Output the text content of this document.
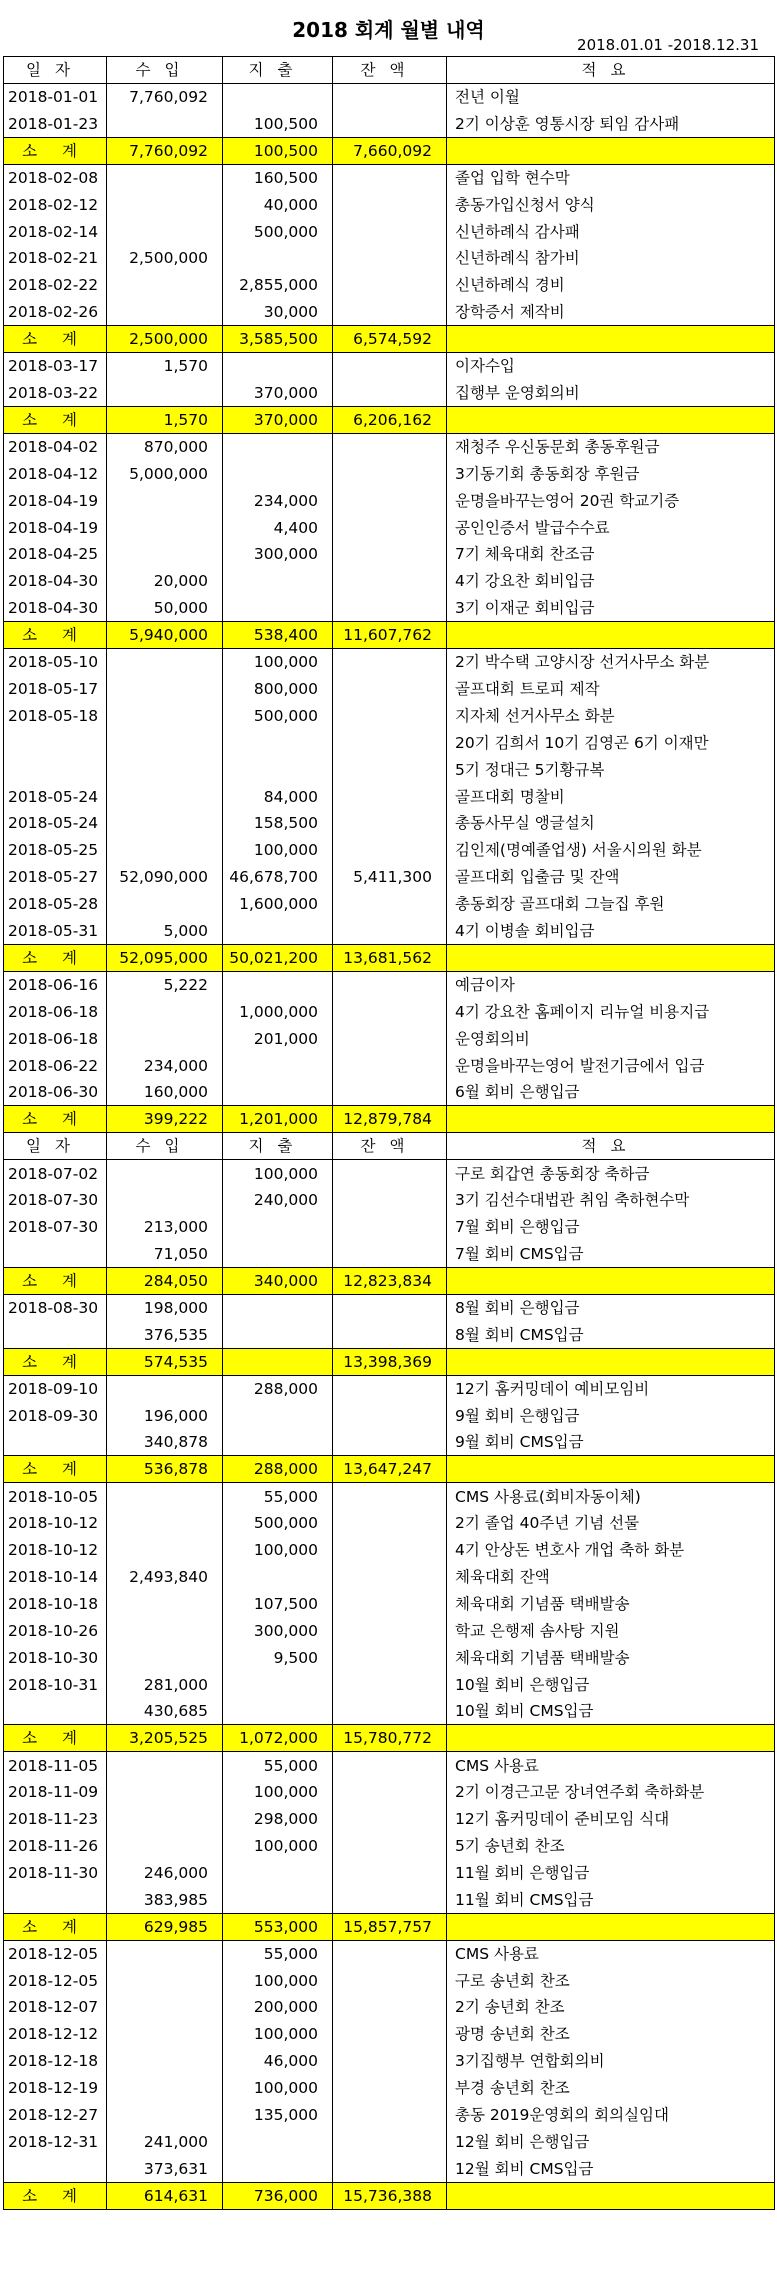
2018 회계 월별 내역
2018.01.01 -2018.12.31
일자	수입	지출	잔액	적요
2018-01-01	7,760,092			전년 이월
2018-01-23		100,500		2기 이상훈 영통시장 퇴임 감사패
소 계	7,760,092	100,500	7,660,092	
2018-02-08		160,500		졸업 입학 현수막
2018-02-12		40,000		총동가입신청서 양식
2018-02-14		500,000		신년하례식 감사패
2018-02-21	2,500,000			신년하례식 참가비
2018-02-22		2,855,000		신년하례식 경비
2018-02-26		30,000		장학증서 제작비
소 계	2,500,000	3,585,500	6,574,592	
2018-03-17	1,570			이자수입
2018-03-22		370,000		집행부 운영회의비
소 계	1,570	370,000	6,206,162	
2018-04-02	870,000			재청주 우신동문회 총동후원금
2018-04-12	5,000,000			3기동기회 총동회장 후원금
2018-04-19		234,000		운명을바꾸는영어 20권 학교기증
2018-04-19		4,400		공인인증서 발급수수료
2018-04-25		300,000		7기 체육대회 찬조금
2018-04-30	20,000			4기 강요찬 회비입금
2018-04-30	50,000			3기 이재군 회비입금
소 계	5,940,000	538,400	11,607,762	
2018-05-10		100,000		2기 박수택 고양시장 선거사무소 화분
2018-05-17		800,000		골프대회 트로피 제작
2018-05-18		500,000		지자체 선거사무소 화분
				20기 김희서 10기 김영곤 6기 이재만
				5기 정대근 5기황규복
2018-05-24		84,000		골프대회 명찰비
2018-05-24		158,500		총동사무실 앵글설치
2018-05-25		100,000		김인제(명예졸업생) 서울시의원 화분
2018-05-27	52,090,000	46,678,700	5,411,300	골프대회 입출금 및 잔액
2018-05-28		1,600,000		총동회장 골프대회 그늘집 후원
2018-05-31	5,000			4기 이병솔 회비입금
소 계	52,095,000	50,021,200	13,681,562	
2018-06-16	5,222			예금이자
2018-06-18		1,000,000		4기 강요찬 홈페이지 리뉴얼 비용지급
2018-06-18		201,000		운영회의비
2018-06-22	234,000			운명을바꾸는영어 발전기금에서 입금
2018-06-30	160,000			6월 회비 은행입금
소 계	399,222	1,201,000	12,879,784	
일자	수입	지출	잔액	적요
2018-07-02		100,000		구로 회갑연 총동회장 축하금
2018-07-30		240,000		3기 김선수대법관 취임 축하현수막
2018-07-30	213,000			7월 회비 은행입금
	71,050			7월 회비 CMS입금
소 계	284,050	340,000	12,823,834	
2018-08-30	198,000			8월 회비 은행입금
	376,535			8월 회비 CMS입금
소 계	574,535		13,398,369	
2018-09-10		288,000		12기 홈커밍데이 예비모임비
2018-09-30	196,000			9월 회비 은행입금
	340,878			9월 회비 CMS입금
소 계	536,878	288,000	13,647,247	
2018-10-05		55,000		CMS 사용료(회비자동이체)
2018-10-12		500,000		2기 졸업 40주년 기념 선물
2018-10-12		100,000		4기 안상돈 변호사 개업 축하 화분
2018-10-14	2,493,840			체육대회 잔액
2018-10-18		107,500		체육대회 기념품 택배발송
2018-10-26		300,000		학교 은행제 솜사탕 지원
2018-10-30		9,500		체육대회 기념품 택배발송
2018-10-31	281,000			10월 회비 은행입금
	430,685			10월 회비 CMS입금
소 계	3,205,525	1,072,000	15,780,772	
2018-11-05		55,000		CMS 사용료
2018-11-09		100,000		2기 이경근고문 장녀연주회 축하화분
2018-11-23		298,000		12기 홈커밍데이 준비모임 식대
2018-11-26		100,000		5기 송년회 찬조
2018-11-30	246,000			11월 회비 은행입금
	383,985			11월 회비 CMS입금
소 계	629,985	553,000	15,857,757	
2018-12-05		55,000		CMS 사용료
2018-12-05		100,000		구로 송년회 찬조
2018-12-07		200,000		2기 송년회 찬조
2018-12-12		100,000		광명 송년회 찬조
2018-12-18		46,000		3기집행부 연합회의비
2018-12-19		100,000		부경 송년회 찬조
2018-12-27		135,000		총동 2019운영회의 회의실임대
2018-12-31	241,000			12월 회비 은행입금
	373,631			12월 회비 CMS입금
소 계	614,631	736,000	15,736,388	
